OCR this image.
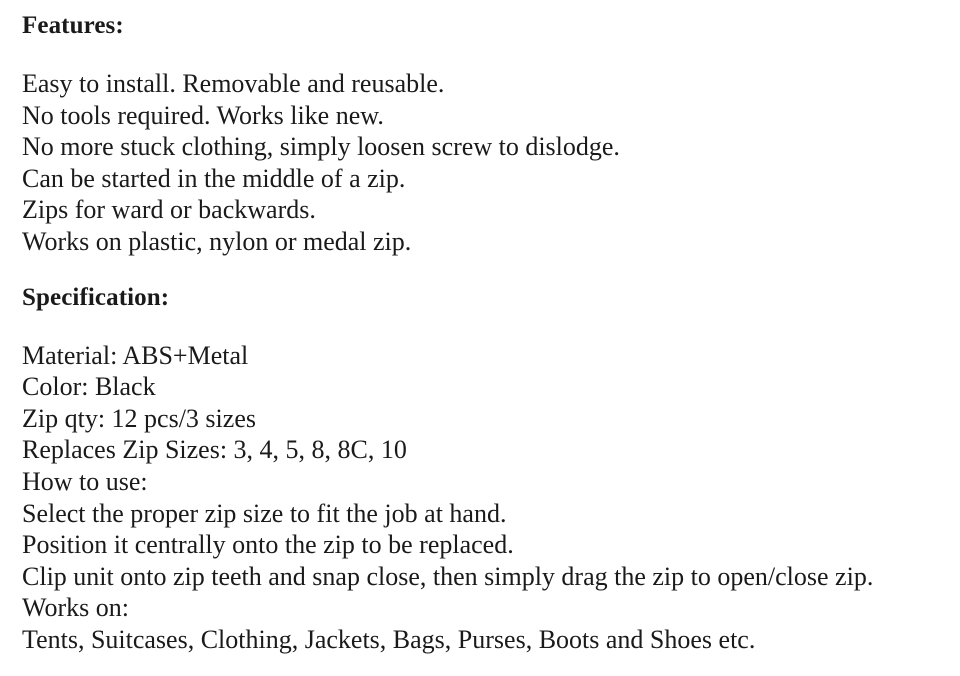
Features:
Easy to install. Removable and reusable.
No tools required. Works like new.
No more stuck clothing, simply loosen screw to dislodge.
Can be started in the middle of a zip.
Zips for ward or backwards.
Works on plastic, nylon or medal zip.
Specification:
Material: ABS+Metal
Color: Black
Zip qty: 12 pcs/3 sizes
Replaces Zip Sizes: 3, 4, 5, 8, 8C, 10
How to use:
Select the proper zip size to fit the job at hand.
Position it centrally onto the zip to be replaced.
Clip unit onto zip teeth and snap close, then simply drag the zip to open/close zip.
Works on:
Tents, Suitcases, Clothing, Jackets, Bags, Purses, Boots and Shoes etc.
